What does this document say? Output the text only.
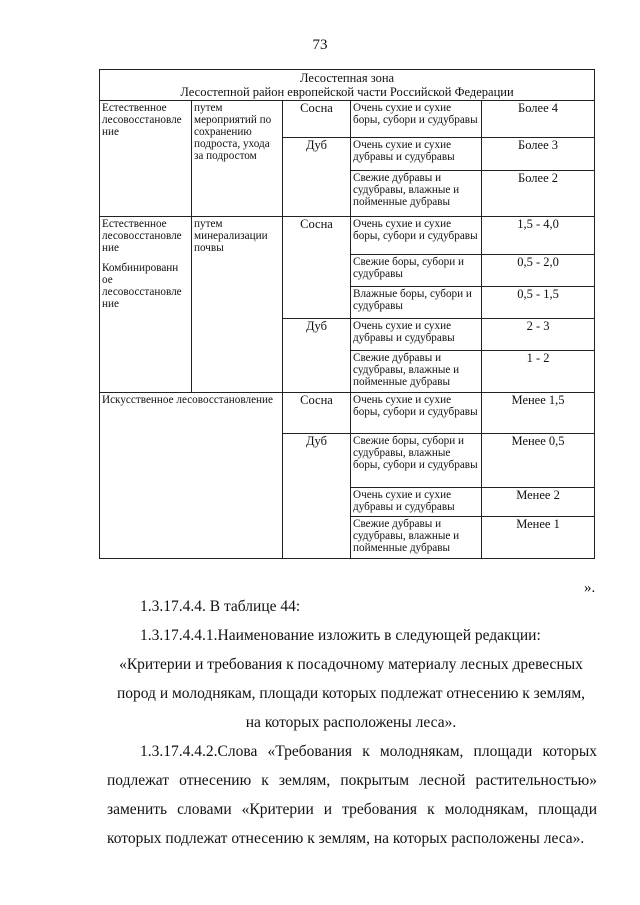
73
Лесостепная зона
Лесостепной район европейской части Российской Федерации				

Естественное лесовосстановле ние	путем мероприятий по сохранению подроста, ухода за подростом	Сосна	Очень сухие и сухие боры, субори и судубравы	Более 4
		Дуб	Очень сухие и сухие дубравы и судубравы	Более 3
			Свежие дубравы и судубравы, влажные и пойменные дубравы	Более 2

Естественное лесовосстановле ние
Комбинированн ое лесовосстановле ние	путем минерализации почвы	Сосна	Очень сухие и сухие боры, субори и судубравы	1,5 - 4,0
			Свежие боры, субори и судубравы	0,5 - 2,0
			Влажные боры, субори и судубравы	0,5 - 1,5
		Дуб	Очень сухие и сухие дубравы и судубравы	2 - 3
			Свежие дубравы и судубравы, влажные и пойменные дубравы	1 - 2
Искусственное лесовосстановление		Сосна	Очень сухие и сухие боры, субори и судубравы	Менее 1,5
		Дуб	Свежие боры, субори и судубравы, влажные боры, субори и судубравы	Менее 0,5
			Очень сухие и сухие дубравы и судубравы	Менее 2
			Свежие дубравы и судубравы, влажные и пойменные дубравы	Менее 1
».
1.3.17.4.4. В таблице 44:
1.3.17.4.4.1.Наименование изложить в следующей редакции:
«Критерии и требования к посадочному материалу лесных древесных пород и молоднякам, площади которых подлежат отнесению к землям, на которых расположены леса».
1.3.17.4.4.2.Слова «Требования к молоднякам, площади которых подлежат отнесению к землям, покрытым лесной растительностью» заменить словами «Критерии и требования к молоднякам, площади которых подлежат отнесению к землям, на которых расположены леса».
